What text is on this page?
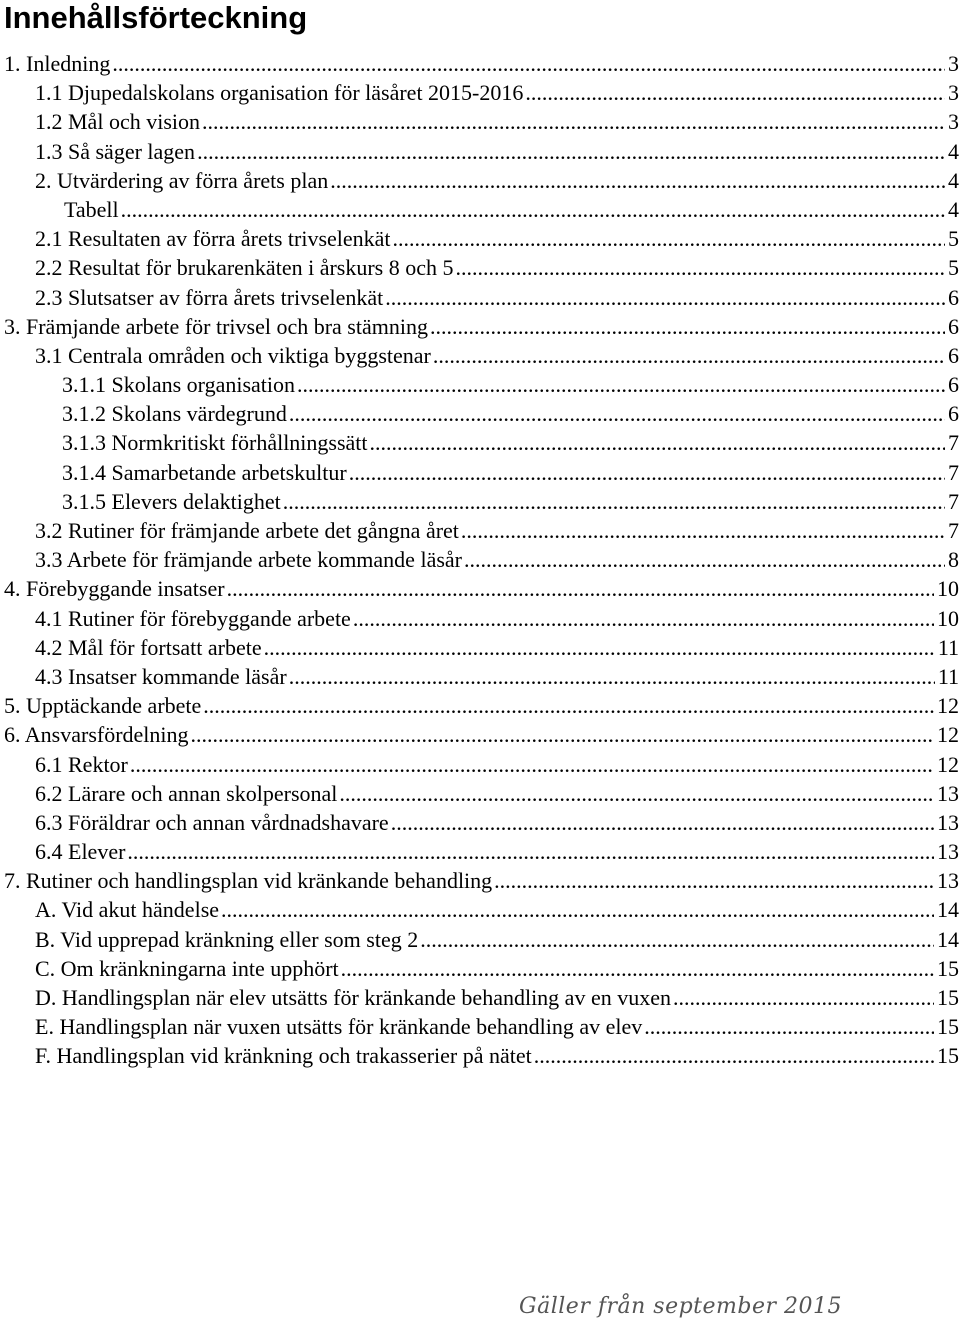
Innehållsförteckning
1. Inledning .....	3
1.1 Djupedalskolans organisation för läsåret 2015-2016 .....	3
1.2 Mål och vision .....	3
1.3 Så säger lagen .....	4
2. Utvärdering av förra årets plan .....	4
Tabell .....	4
2.1 Resultaten av förra årets trivselenkät .....	5
2.2 Resultat för brukarenkäten i årskurs 8 och 5 .....	5
2.3 Slutsatser av förra årets trivselenkät .....	6
3. Främjande arbete för trivsel och bra stämning .....	6
3.1 Centrala områden och viktiga byggstenar .....	6
3.1.1 Skolans organisation .....	6
3.1.2 Skolans värdegrund .....	6
3.1.3 Normkritiskt förhållningssätt .....	7
3.1.4 Samarbetande arbetskultur .....	7
3.1.5 Elevers delaktighet .....	7
3.2 Rutiner för främjande arbete det gångna året .....	7
3.3 Arbete för främjande arbete kommande läsår .....	8
4. Förebyggande insatser .....	10
4.1 Rutiner för förebyggande arbete .....	10
4.2 Mål för fortsatt arbete .....	11
4.3 Insatser kommande läsår .....	11
5. Upptäckande arbete .....	12
6. Ansvarsfördelning .....	12
6.1 Rektor .....	12
6.2 Lärare och annan skolpersonal .....	13
6.3 Föräldrar och annan vårdnadshavare .....	13
6.4 Elever .....	13
7. Rutiner och handlingsplan vid kränkande behandling .....	13
A. Vid akut händelse .....	14
B. Vid upprepad kränkning eller som steg 2 .....	14
C. Om kränkningarna inte upphört .....	15
D. Handlingsplan när elev utsätts för kränkande behandling av en vuxen .....	15
E. Handlingsplan när vuxen utsätts för kränkande behandling av elev .....	15
F. Handlingsplan vid kränkning och trakasserier på nätet .....	15
Gäller från september 2015
